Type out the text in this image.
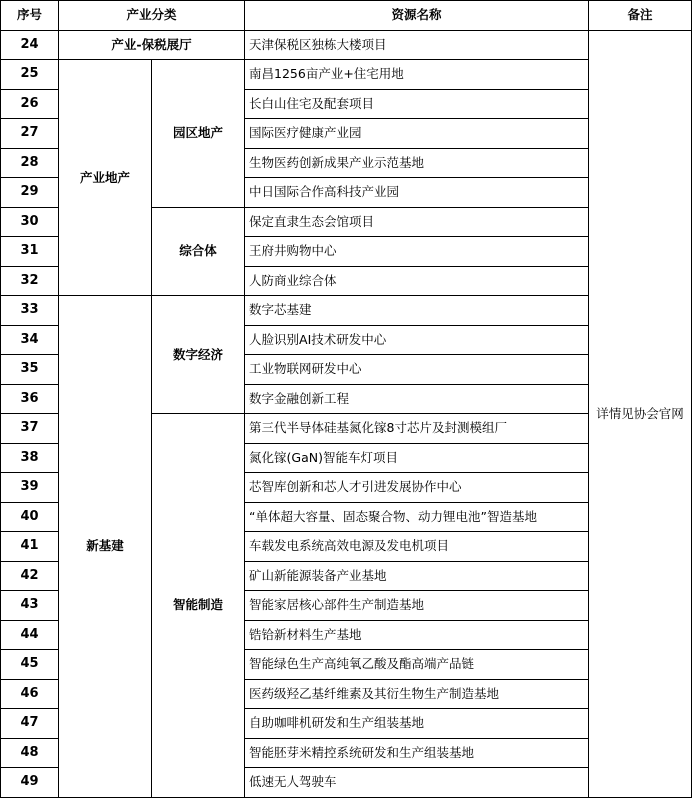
序号	产业分类		资源名称	备注
24	产业-保税展厅		天津保税区独栋大楼项目	详情见协会官网
25	产业地产	园区地产	南昌1256亩产业+住宅用地	
26			长白山住宅及配套项目	
27			国际医疗健康产业园	
28			生物医药创新成果产业示范基地	
29			中日国际合作高科技产业园	
30		综合体	保定直隶生态会馆项目	
31			王府井购物中心	
32			人防商业综合体	
33	新基建	数字经济	数字芯基建	
34			人脸识别AI技术研发中心	
35			工业物联网研发中心	
36			数字金融创新工程	
37		智能制造	第三代半导体硅基氮化镓8寸芯片及封测模组厂	
38			氮化镓(GaN)智能车灯项目	
39			芯智库创新和芯人才引进发展协作中心	
40			“单体超大容量、固态聚合物、动力锂电池”智造基地	
41			车载发电系统高效电源及发电机项目	
42			矿山新能源装备产业基地	
43			智能家居核心部件生产制造基地	
44			锆铪新材料生产基地	
45			智能绿色生产高纯氧乙酸及酯高端产品链	
46			医药级羟乙基纤维素及其衍生物生产制造基地	
47			自助咖啡机研发和生产组装基地	
48			智能胚芽米精控系统研发和生产组装基地	
49			低速无人驾驶车	
